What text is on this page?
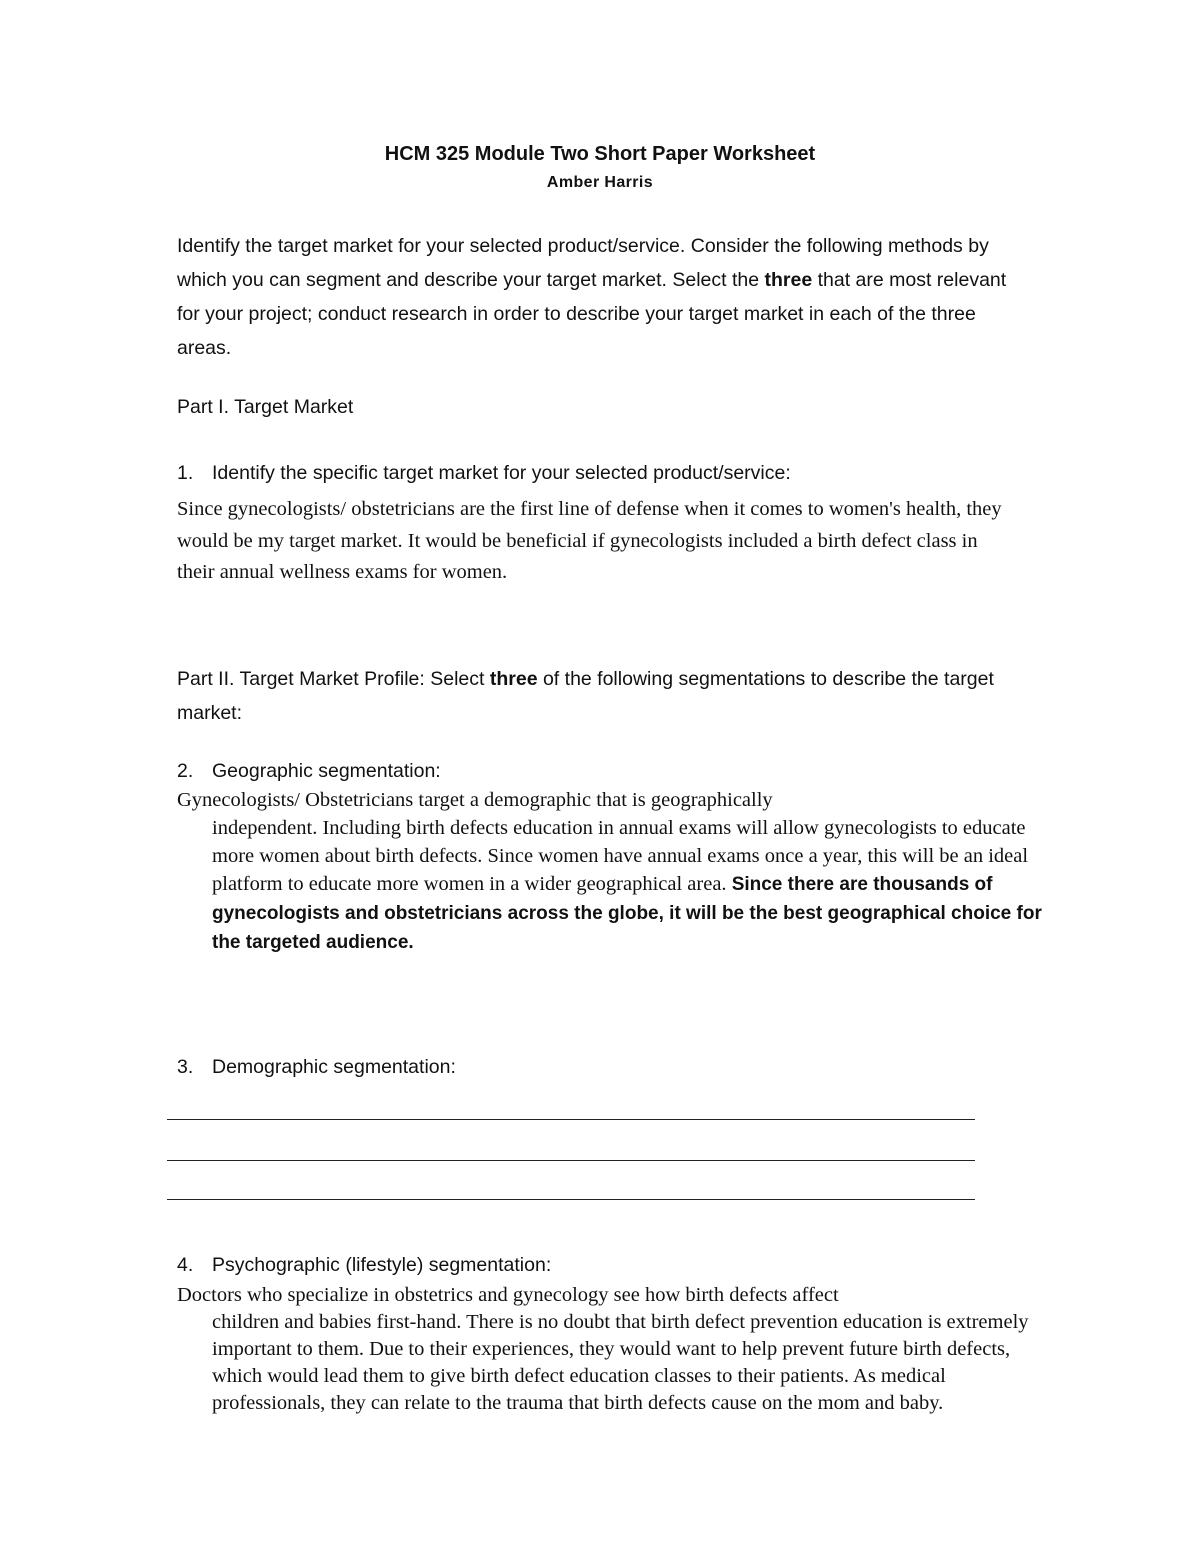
HCM 325 Module Two Short Paper Worksheet

Amber Harris

Identify the target market for your selected product/service. Consider the following methods by which you can segment and describe your target market. Select the three that are most relevant for your project; conduct research in order to describe your target market in each of the three areas.

Part I. Target Market

1. Identify the specific target market for your selected product/service:

Since gynecologists/ obstetricians are the first line of defense when it comes to women's health, they would be my target market. It would be beneficial if gynecologists included a birth defect class in their annual wellness exams for women.

Part II. Target Market Profile: Select three of the following segmentations to describe the target market:

2. Geographic segmentation:

Gynecologists/ Obstetricians target a demographic that is geographically
independent. Including birth defects education in annual exams will allow gynecologists to educate more women about birth defects. Since women have annual exams once a year, this will be an ideal platform to educate more women in a wider geographical area. Since there are thousands of gynecologists and obstetricians across the globe, it will be the best geographical choice for the targeted audience.

3. Demographic segmentation:

4. Psychographic (lifestyle) segmentation:

Doctors who specialize in obstetrics and gynecology see how birth defects affect
children and babies first-hand. There is no doubt that birth defect prevention education is extremely important to them. Due to their experiences, they would want to help prevent future birth defects, which would lead them to give birth defect education classes to their patients. As medical professionals, they can relate to the trauma that birth defects cause on the mom and baby.
